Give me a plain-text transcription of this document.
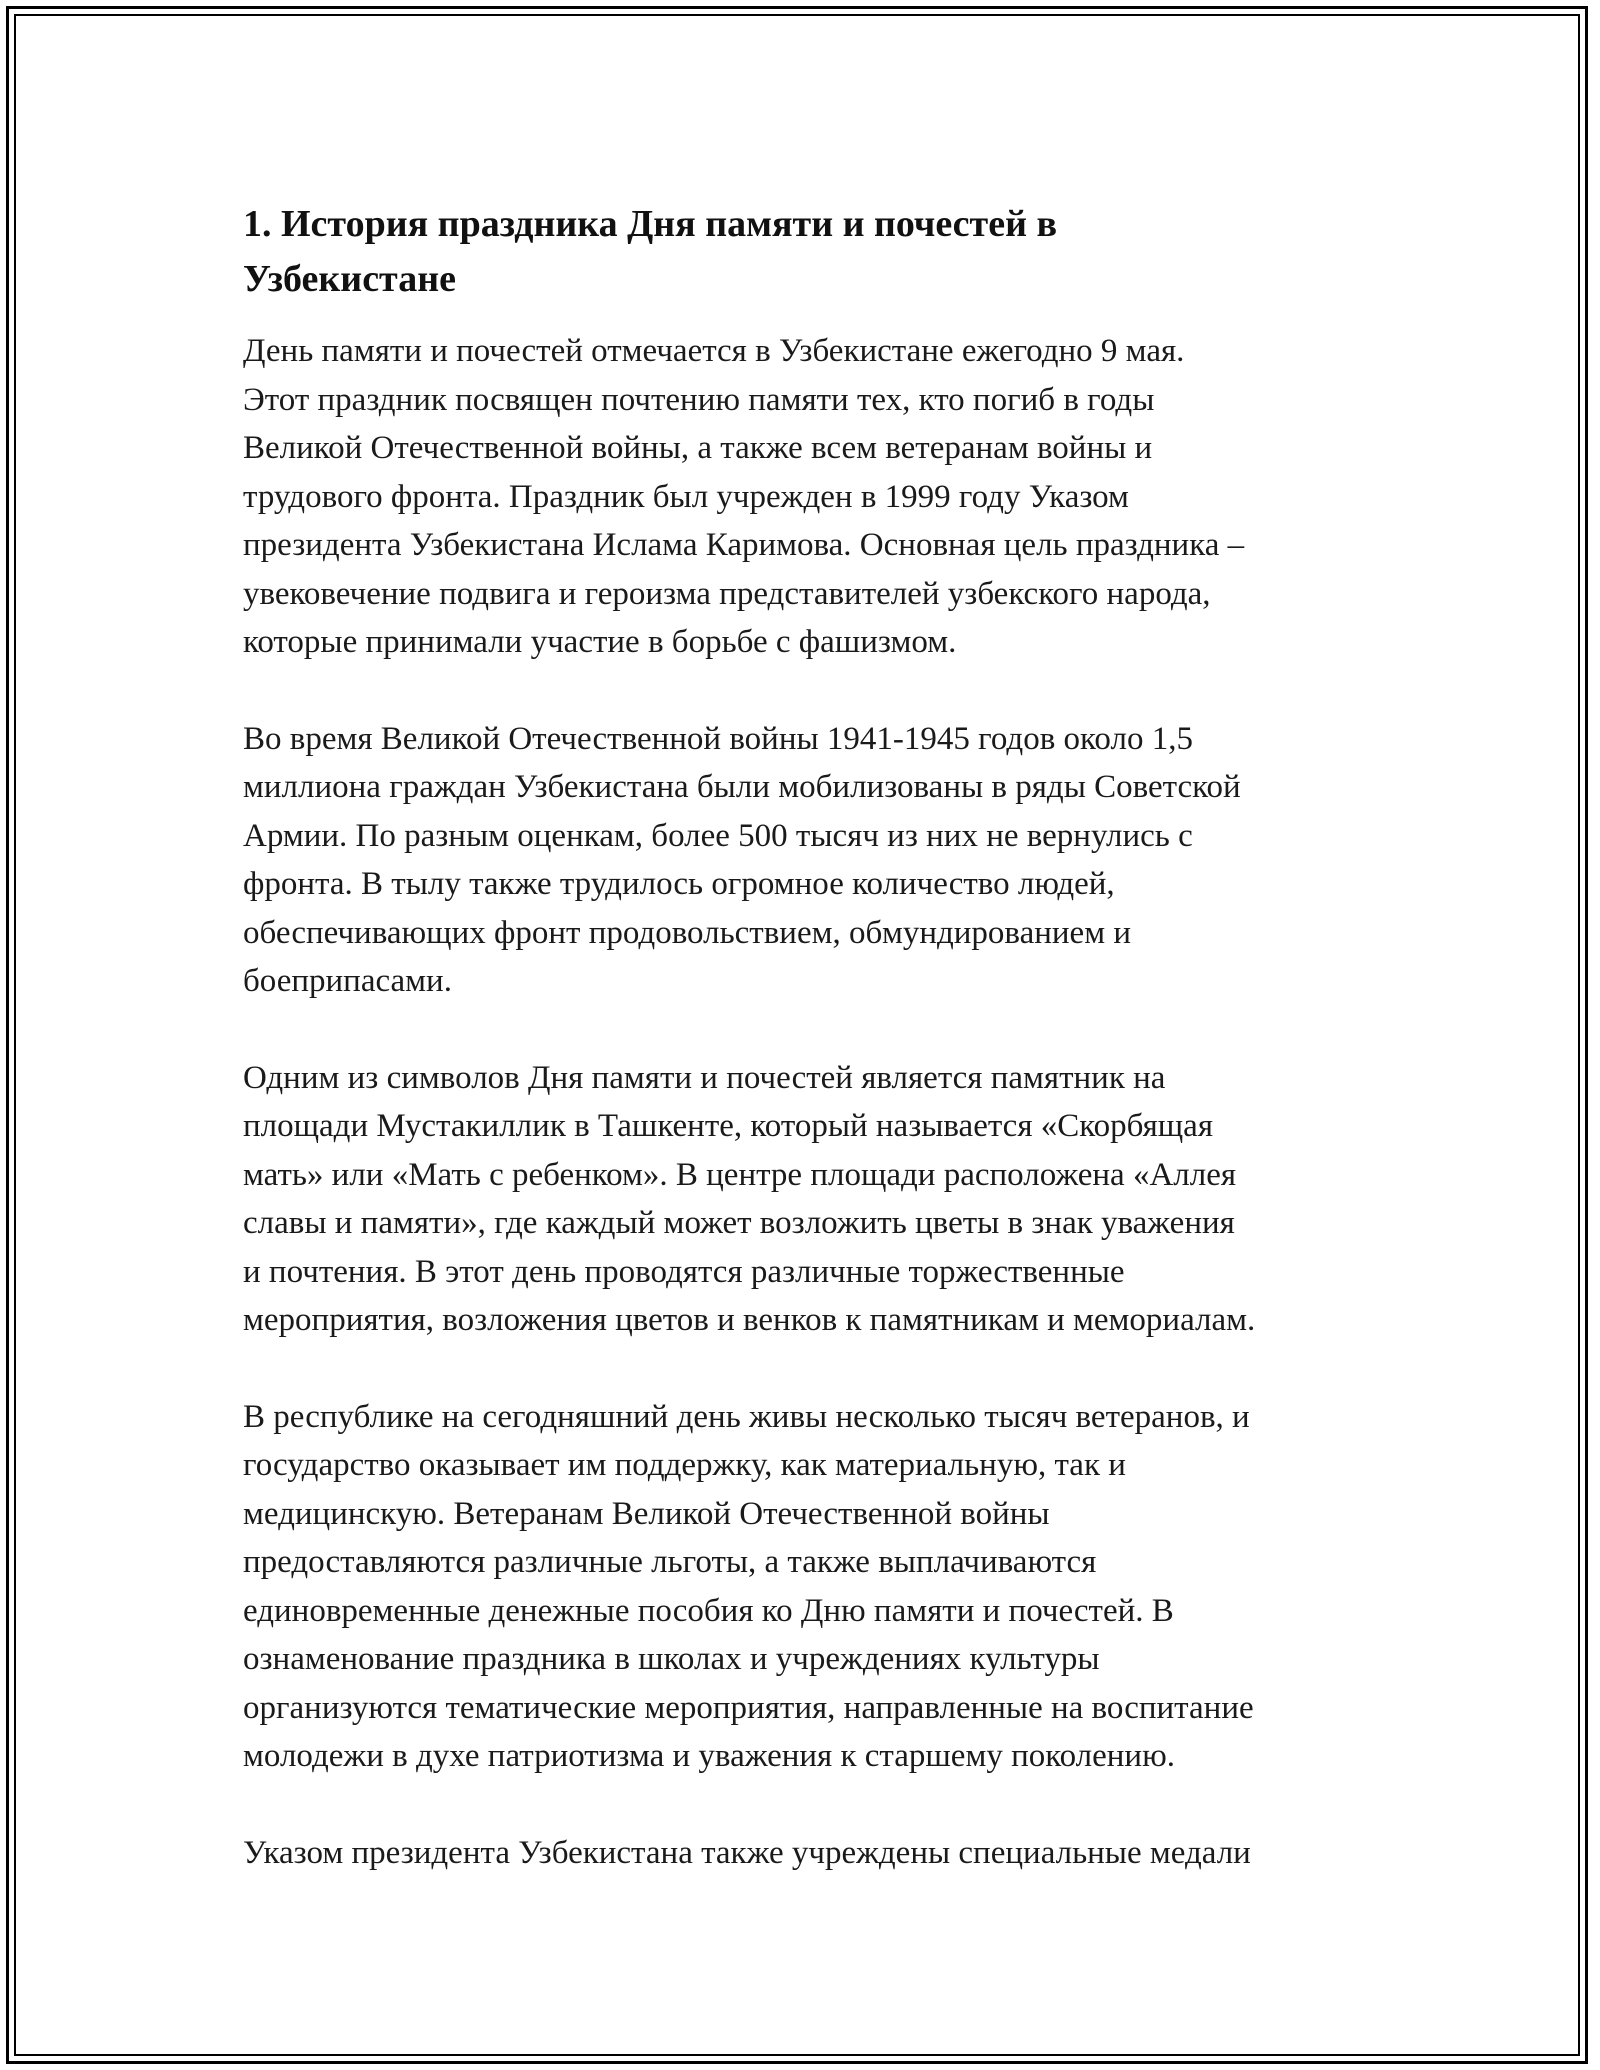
1. История праздника Дня памяти и почестей в
Узбекистане

День памяти и почестей отмечается в Узбекистане ежегодно 9 мая.
Этот праздник посвящен почтению памяти тех, кто погиб в годы
Великой Отечественной войны, а также всем ветеранам войны и
трудового фронта. Праздник был учрежден в 1999 году Указом
президента Узбекистана Ислама Каримова. Основная цель праздника –
увековечение подвига и героизма представителей узбекского народа,
которые принимали участие в борьбе с фашизмом.

Во время Великой Отечественной войны 1941-1945 годов около 1,5
миллиона граждан Узбекистана были мобилизованы в ряды Советской
Армии. По разным оценкам, более 500 тысяч из них не вернулись с
фронта. В тылу также трудилось огромное количество людей,
обеспечивающих фронт продовольствием, обмундированием и
боеприпасами.

Одним из символов Дня памяти и почестей является памятник на
площади Мустакиллик в Ташкенте, который называется «Скорбящая
мать» или «Мать с ребенком». В центре площади расположена «Аллея
славы и памяти», где каждый может возложить цветы в знак уважения
и почтения. В этот день проводятся различные торжественные
мероприятия, возложения цветов и венков к памятникам и мемориалам.

В республике на сегодняшний день живы несколько тысяч ветеранов, и
государство оказывает им поддержку, как материальную, так и
медицинскую. Ветеранам Великой Отечественной войны
предоставляются различные льготы, а также выплачиваются
единовременные денежные пособия ко Дню памяти и почестей. В
ознаменование праздника в школах и учреждениях культуры
организуются тематические мероприятия, направленные на воспитание
молодежи в духе патриотизма и уважения к старшему поколению.

Указом президента Узбекистана также учреждены специальные медали
